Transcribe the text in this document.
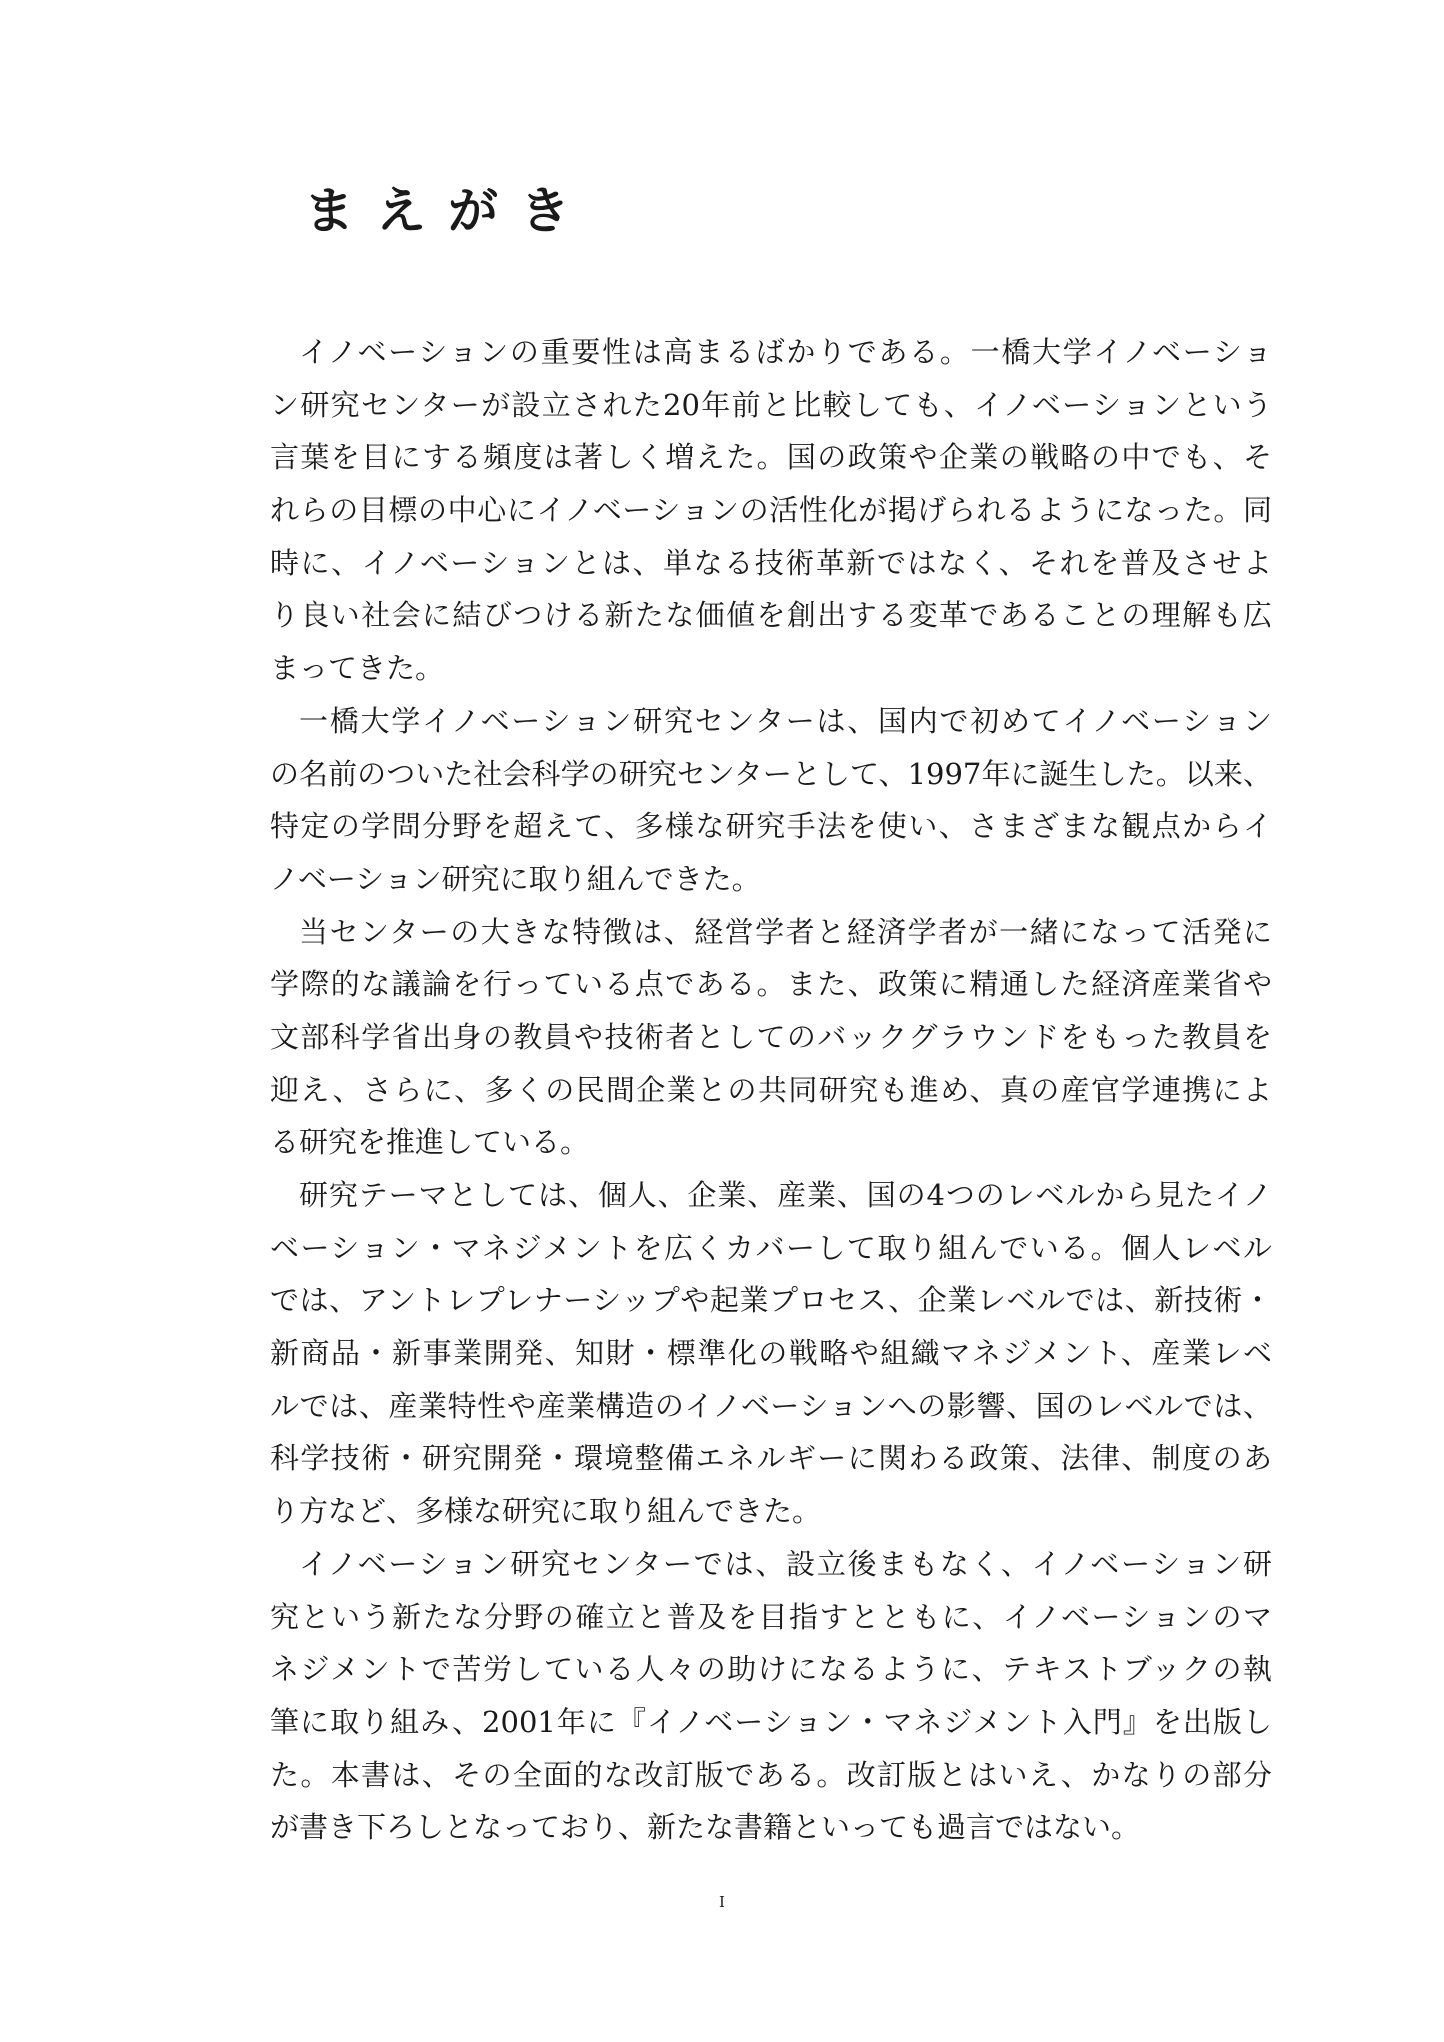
まえがき
イノベーションの重要性は高まるばかりである。一橋大学イノベーショ
ン研究センターが設立された20年前と比較しても、イノベーションという
言葉を目にする頻度は著しく増えた。国の政策や企業の戦略の中でも、そ
れらの目標の中心にイノベーションの活性化が掲げられるようになった。同
時に、イノベーションとは、単なる技術革新ではなく、それを普及させよ
り良い社会に結びつける新たな価値を創出する変革であることの理解も広
まってきた。
一橋大学イノベーション研究センターは、国内で初めてイノベーション
の名前のついた社会科学の研究センターとして、1997年に誕生した。以来、
特定の学問分野を超えて、多様な研究手法を使い、さまざまな観点からイ
ノベーション研究に取り組んできた。
当センターの大きな特徴は、経営学者と経済学者が一緒になって活発に
学際的な議論を行っている点である。また、政策に精通した経済産業省や
文部科学省出身の教員や技術者としてのバックグラウンドをもった教員を
迎え、さらに、多くの民間企業との共同研究も進め、真の産官学連携によ
る研究を推進している。
研究テーマとしては、個人、企業、産業、国の4つのレベルから見たイノ
ベーション・マネジメントを広くカバーして取り組んでいる。個人レベル
では、アントレプレナーシップや起業プロセス、企業レベルでは、新技術・
新商品・新事業開発、知財・標準化の戦略や組織マネジメント、産業レベ
ルでは、産業特性や産業構造のイノベーションへの影響、国のレベルでは、
科学技術・研究開発・環境整備エネルギーに関わる政策、法律、制度のあ
り方など、多様な研究に取り組んできた。
イノベーション研究センターでは、設立後まもなく、イノベーション研
究という新たな分野の確立と普及を目指すとともに、イノベーションのマ
ネジメントで苦労している人々の助けになるように、テキストブックの執
筆に取り組み、2001年に『イノベーション・マネジメント入門』を出版し
た。本書は、その全面的な改訂版である。改訂版とはいえ、かなりの部分
が書き下ろしとなっており、新たな書籍といっても過言ではない。
I
